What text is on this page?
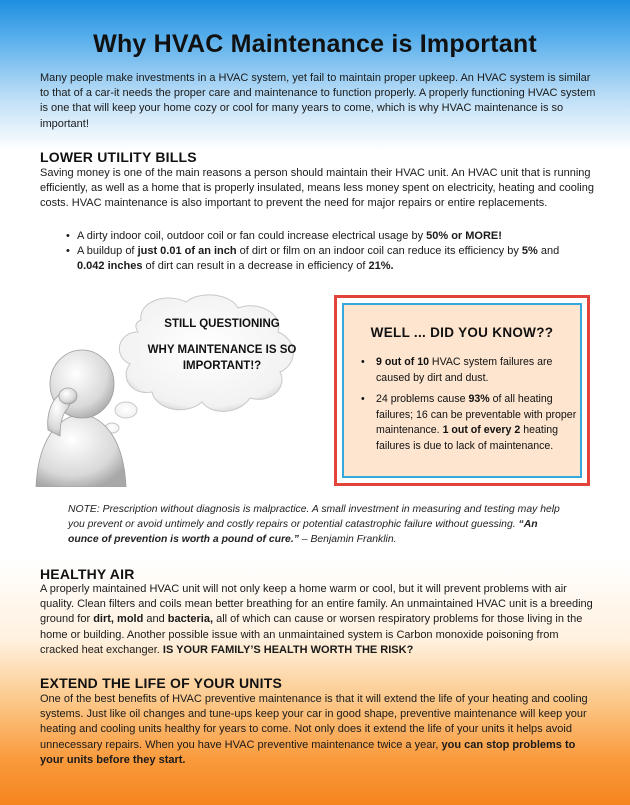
Why HVAC Maintenance is Important
Many people make investments in a HVAC system, yet fail to maintain proper upkeep. An HVAC system is similar to that of a car-it needs the proper care and maintenance to function properly. A properly functioning HVAC system is one that will keep your home cozy or cool for many years to come, which is why HVAC maintenance is so important!
LOWER UTILITY BILLS
Saving money is one of the main reasons a person should maintain their HVAC unit. An HVAC unit that is running efficiently, as well as a home that is properly insulated, means less money spent on electricity, heating and cooling costs. HVAC maintenance is also important to prevent the need for major repairs or entire replacements.
• A dirty indoor coil, outdoor coil or fan could increase electrical usage by 50% or MORE!
• A buildup of just 0.01 of an inch of dirt or film on an indoor coil can reduce its efficiency by 5% and 0.042 inches of dirt can result in a decrease in efficiency of 21%.
STILL QUESTIONING
WHY MAINTENANCE IS SO IMPORTANT!?
WELL ... DID YOU KNOW??
• 9 out of 10 HVAC system failures are caused by dirt and dust.
• 24 problems cause 93% of all heating failures; 16 can be preventable with proper maintenance. 1 out of every 2 heating failures is due to lack of maintenance.
NOTE: Prescription without diagnosis is malpractice. A small investment in measuring and testing may help you prevent or avoid untimely and costly repairs or potential catastrophic failure without guessing. “An ounce of prevention is worth a pound of cure.” – Benjamin Franklin.
HEALTHY AIR
A properly maintained HVAC unit will not only keep a home warm or cool, but it will prevent problems with air quality. Clean filters and coils mean better breathing for an entire family. An unmaintained HVAC unit is a breeding ground for dirt, mold and bacteria, all of which can cause or worsen respiratory problems for those living in the home or building. Another possible issue with an unmaintained system is Carbon monoxide poisoning from cracked heat exchanger. IS YOUR FAMILY’S HEALTH WORTH THE RISK?
EXTEND THE LIFE OF YOUR UNITS
One of the best benefits of HVAC preventive maintenance is that it will extend the life of your heating and cooling systems. Just like oil changes and tune-ups keep your car in good shape, preventive maintenance will keep your heating and cooling units healthy for years to come. Not only does it extend the life of your units it helps avoid unnecessary repairs. When you have HVAC preventive maintenance twice a year, you can stop problems to your units before they start.
